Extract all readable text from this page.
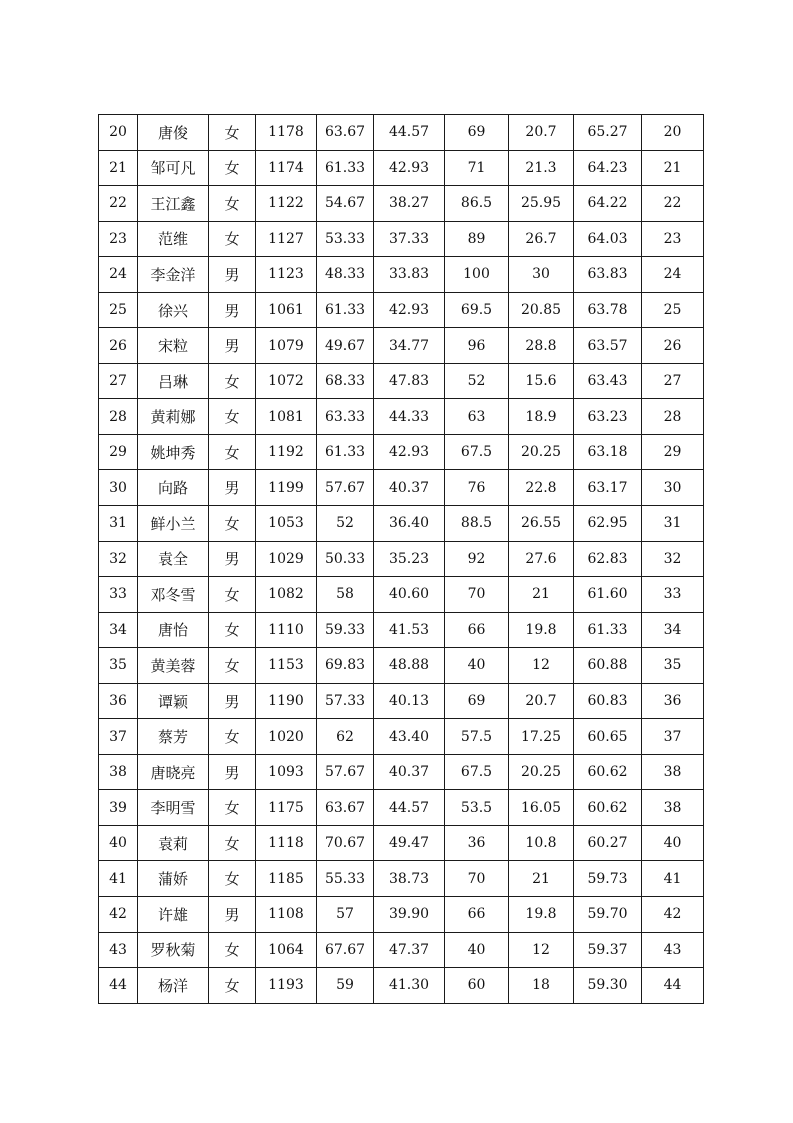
20	唐俊	女	1178	63.67	44.57	69	20.7	65.27	20
21	邹可凡	女	1174	61.33	42.93	71	21.3	64.23	21
22	王江鑫	女	1122	54.67	38.27	86.5	25.95	64.22	22
23	范维	女	1127	53.33	37.33	89	26.7	64.03	23
24	李金洋	男	1123	48.33	33.83	100	30	63.83	24
25	徐兴	男	1061	61.33	42.93	69.5	20.85	63.78	25
26	宋粒	男	1079	49.67	34.77	96	28.8	63.57	26
27	吕琳	女	1072	68.33	47.83	52	15.6	63.43	27
28	黄莉娜	女	1081	63.33	44.33	63	18.9	63.23	28
29	姚坤秀	女	1192	61.33	42.93	67.5	20.25	63.18	29
30	向路	男	1199	57.67	40.37	76	22.8	63.17	30
31	鲜小兰	女	1053	52	36.40	88.5	26.55	62.95	31
32	袁全	男	1029	50.33	35.23	92	27.6	62.83	32
33	邓冬雪	女	1082	58	40.60	70	21	61.60	33
34	唐怡	女	1110	59.33	41.53	66	19.8	61.33	34
35	黄美蓉	女	1153	69.83	48.88	40	12	60.88	35
36	谭颖	男	1190	57.33	40.13	69	20.7	60.83	36
37	蔡芳	女	1020	62	43.40	57.5	17.25	60.65	37
38	唐晓亮	男	1093	57.67	40.37	67.5	20.25	60.62	38
39	李明雪	女	1175	63.67	44.57	53.5	16.05	60.62	38
40	袁莉	女	1118	70.67	49.47	36	10.8	60.27	40
41	蒲娇	女	1185	55.33	38.73	70	21	59.73	41
42	许雄	男	1108	57	39.90	66	19.8	59.70	42
43	罗秋菊	女	1064	67.67	47.37	40	12	59.37	43
44	杨洋	女	1193	59	41.30	60	18	59.30	44
